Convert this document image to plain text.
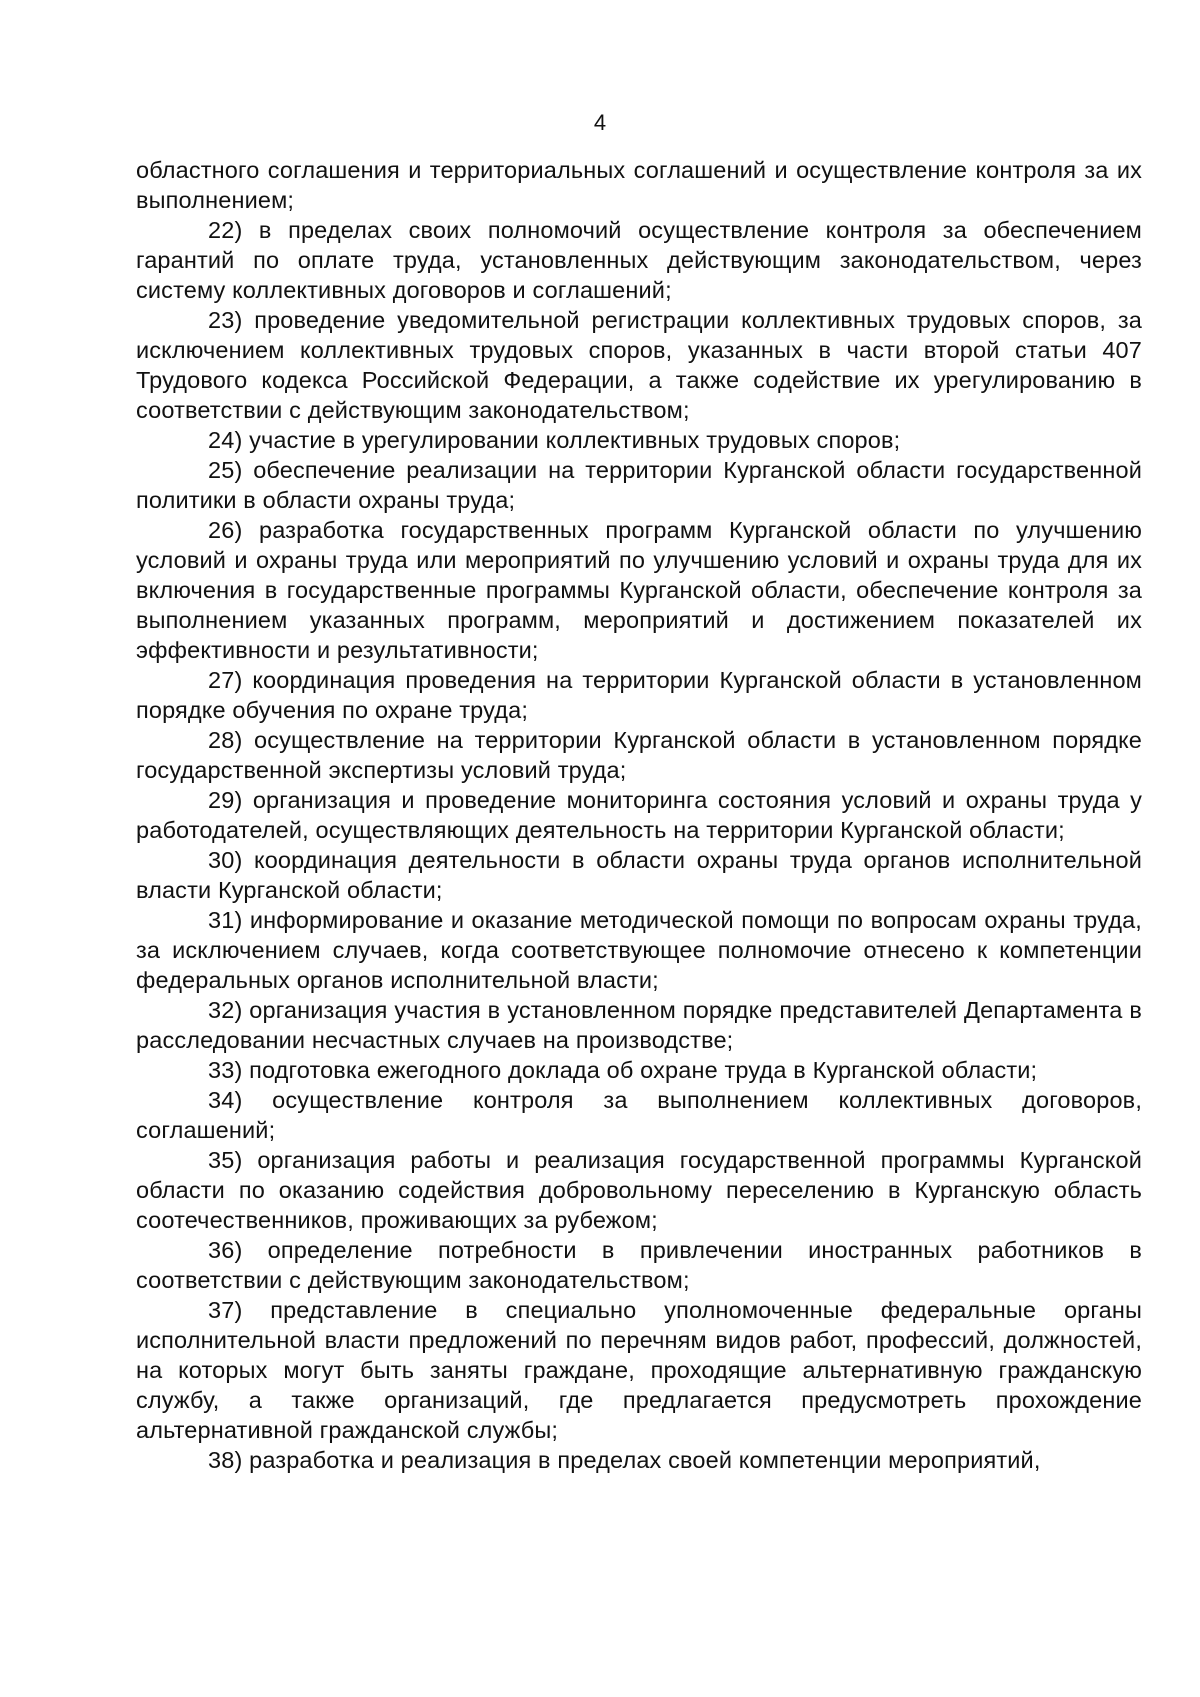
4

областного соглашения и территориальных соглашений и осуществление контроля за их выполнением;

22) в пределах своих полномочий осуществление контроля за обеспечением гарантий по оплате труда, установленных действующим законодательством, через систему коллективных договоров и соглашений;

23) проведение уведомительной регистрации коллективных трудовых споров, за исключением коллективных трудовых споров, указанных в части второй статьи 407 Трудового кодекса Российской Федерации, а также содействие их урегулированию в соответствии с действующим законодательством;

24) участие в урегулировании коллективных трудовых споров;

25) обеспечение реализации на территории Курганской области государственной политики в области охраны труда;

26) разработка государственных программ Курганской области по улучшению условий и охраны труда или мероприятий по улучшению условий и охраны труда для их включения в государственные программы Курганской области, обеспечение контроля за выполнением указанных программ, мероприятий и достижением показателей их эффективности и результативности;

27) координация проведения на территории Курганской области в установленном порядке обучения по охране труда;

28) осуществление на территории Курганской области в установленном порядке государственной экспертизы условий труда;

29) организация и проведение мониторинга состояния условий и охраны труда у работодателей, осуществляющих деятельность на территории Курганской области;

30) координация деятельности в области охраны труда органов исполнительной власти Курганской области;

31) информирование и оказание методической помощи по вопросам охраны труда, за исключением случаев, когда соответствующее полномочие отнесено к компетенции федеральных органов исполнительной власти;

32) организация участия в установленном порядке представителей Департамента в расследовании несчастных случаев на производстве;

33) подготовка ежегодного доклада об охране труда в Курганской области;

34) осуществление контроля за выполнением коллективных договоров, соглашений;

35) организация работы и реализация государственной программы Курганской области по оказанию содействия добровольному переселению в Курганскую область соотечественников, проживающих за рубежом;

36) определение потребности в привлечении иностранных работников в соответствии с действующим законодательством;

37) представление в специально уполномоченные федеральные органы исполнительной власти предложений по перечням видов работ, профессий, должностей, на которых могут быть заняты граждане, проходящие альтернативную гражданскую службу, а также организаций, где предлагается предусмотреть прохождение альтернативной гражданской службы;

38) разработка и реализация в пределах своей компетенции мероприятий,
